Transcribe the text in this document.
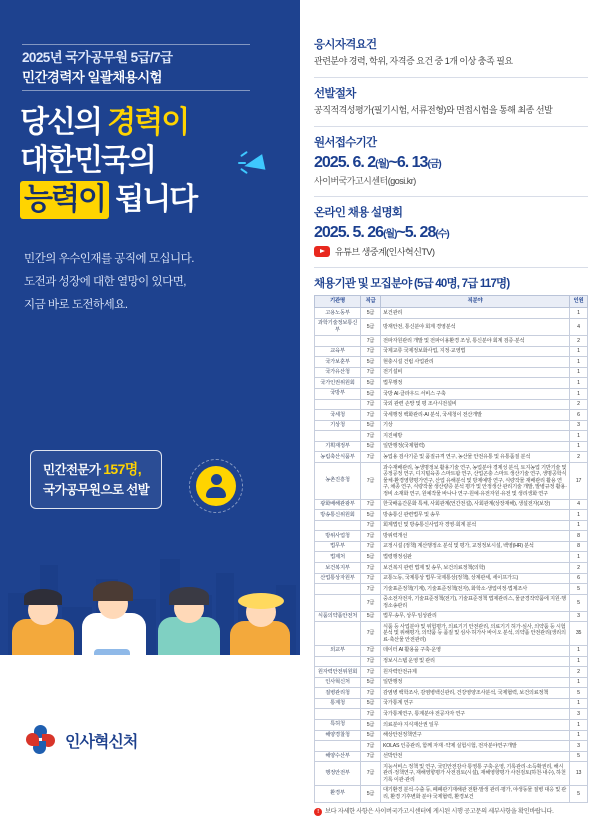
2025년 국가공무원 5급/7급
민간경력자 일괄채용시험
당신의 경력이
대한민국의
능력이 됩니다
민간의 우수인재를 공직에 모십니다.
도전과 성장에 대한 열망이 있다면,
지금 바로 도전하세요.
민간전문가 157명,
국가공무원으로 선발
인사혁신처
응시자격요건
관련분야 경력, 학위, 자격증 요건 중 1개 이상 충족 필요
선발절차
공직적격성평가(필기시험, 서류전형)와 면접시험을 통해 최종 선발
원서접수기간
2025. 6. 2(월)~6. 13(금)
사이버국가고시센터(gosi.kr)
온라인 채용 설명회
2025. 5. 26(월)~5. 28(수)
유튜브 생중계(인사혁신TV)
채용기관 및 모집분야 (5급 40명, 7급 117명)
기관명	직급	직분야	인원
고용노동부	5급	보건관리	1
과학기술정보통신부	5급	방재안전, 통신분야 회계 경영분석	4
	7급	전파자원관리 개발 및 전파이용환경 조성, 통신분야 회계 검증·분석	2
교육부	7급	국제교류 국제정보화사업, 지정·교영법	1
국가보훈부	5급	현충시설 건립 사업관리	1
국가유산청	7급	전기설비	1
국가인권위원회	5급	법무행정	1
국방부	5급	국방 AI·클라우드 서비스 구축	1
	7급	국외 관련 손망 및 평 조사시전설비	2
국세청	7급	국세행정 백화관리·AI 분석, 국세청이 전산개발	6
기상청	5급	기상	3
	7급	지진예방	1
기획재정부	5급	일반행정(국제협력)	1
농림축산식품부	7급	농업용 검사기준 및 품질규격 연구, 농산물 안전유통 및 유통품질 분석	2
농촌진흥청	7급	과수재배관리, 농생명정보 활용기술 연구, 농업분야 경제성 분석, 토지농업 기반기술 및 공정공정 연구, 디지털육종 스마트팜 연구, 산업곤충 스마트 생산기술 연구, 생명공학식물체·환경영향평가연구, 산업 유해분석 및 방제예방 연구, 식량작물 재배관리 활용 연구, 채종 연구, 식량작물 생산량증 분석 평가 및 안정생산 관리기술 개발, 발병규정 활용·정비 소재화 연구, 원예작물 바나나 연구·원예·유전자원·유전 및 생리생화 연구	17
광화배해관광부	7급	한국배움간문화 특체, 사회관계(언간전설), 사회관계(상장재해), 생설전자(보장)	4
방송통신위원회	5급	방송통신 관련법무 및 송무	1
	7급	회계법인 및 방송통신사업자 경영·회계 분석	1
방위사업청	7급	방위력개선	8
법무부	7급	교정시설 (정책) 계산행정소 분석 및 평가, 교정정보시설, 백영(HR) 분석	8
법제처	5급	법령행정심판	1
보건복지부	7급	보건복지 관련 법제 및 송무, 보건의료정책(의학)	2
산업통상자원부	7급	교통노동, 국제통상 법무·국제통상(정책), 상계관세, 세이프가드)	6
	7급	기술표준정책(기계), 기술표준정책(전자), 화학소·생업여정·법제조사	5
	7급	중소전자전자, 기술표준정책(전기), 기술표준정책 법제관리스, 물균경작약품에 지원·행정소송관리	5
식품의약품안전처	5급	법무·송무, 상무·임상관리	3
	7급	식품 등 사업분야 및 위험평가, 의료기기 안전관리, 의료기기 허가·심사, 의약품 등 시험분석 및 위해평가, 의약품 등 품질 및 심사·허가사 바이오 분석, 의약품 안전관리(생리의료·축산물 안전관리)	35
외교부	7급	데이터 AI 활용을 구축·운영	1
	7급	정보시스템 운영 및 관리	1
원자력안전위원회	7급	원자력안전규제	2
인사혁신처	5급	일반행정	1
질병관리청	7급	감염병 백학조사, 감염병백신관리, 건강영양조사분석, 국제협력, 보건의료정책	5
통계청	5급	국가통계 연구	1
	7급	국가통계연구, 통계분야 전공자자 연구	3
특허청	5급	의료분야 지식재산권 일무	1
해양경찰청	5급	해상안전정책연구	1
	7급	KOLAS 인증관리, 함께 자재 ·약제 실험시험, 전자분야연구개발	3
해양수산부	7급	선박안전	5
행정안전부	7급	지능서비스 정책 및 연구, 국민안전감사 통영통 구축·운영, 기록관리·소득확권리, 해시관리·정책연구, 재해영향평가 사전검토(시설), 재해영향평가 사전검토(하천·내수), 하천기록 이관·관리	13
환경부	5급	대기환경 분석·수출 등, 폐폐관기재해관 전환·발생 관리·평가, 야생동물 질병 대응 및 관리, 환경 기후변화 분야 국제협력, 환경보건	5
!	보다 자세한 사항은 사이버국가고시센터에 게시된 시행 공고문의 세부사항을 확인바랍니다.
